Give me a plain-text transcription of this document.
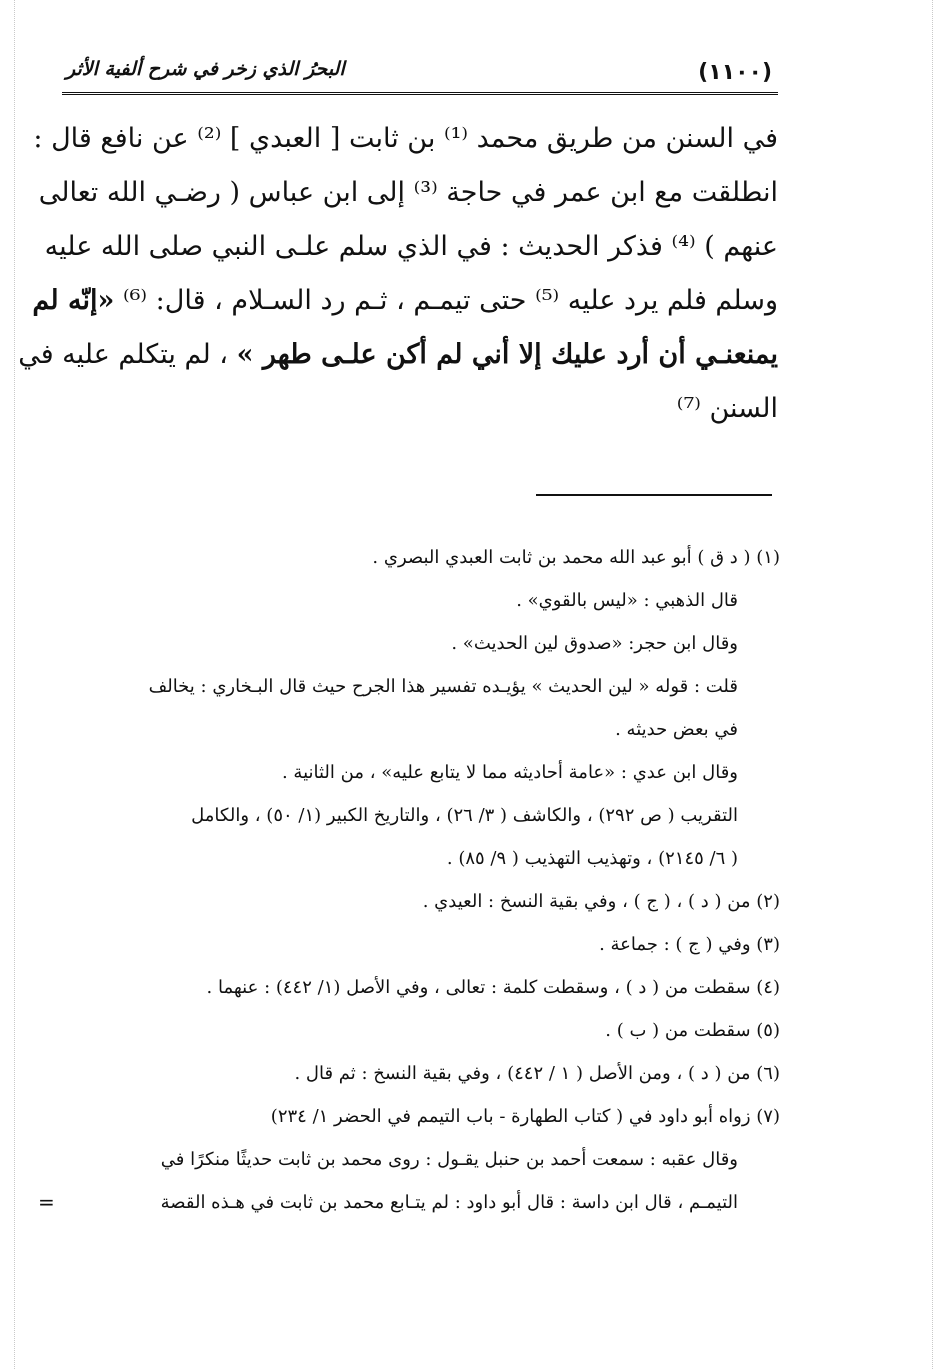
(١١٠٠)
البحرُ الذي زخر في شرح ألفية الأثر
في السنن من طريق محمد ⁽¹⁾ بن ثابت [ العبدي ] ⁽²⁾ عن نافع قال :
انطلقت مع ابن عمر في حاجة ⁽³⁾ إلى ابن عباس ( رضـي الله تعالى
عنهم ) ⁽⁴⁾ فذكر الحديث : في الذي سلم علـى النبي صلى الله عليه
وسلم فلم يرد عليه ⁽⁵⁾ حتى تيمـم ، ثـم رد السـلام ، قال: ⁽⁶⁾ «إنّه لم
يمنعنـي أن أرد عليك إلا أني لم أكن علـى طهر » ، لم يتكلم عليه في
السنن ⁽⁷⁾
(١) ( د ق ) أبو عبد الله محمد بن ثابت العبدي البصري .
قال الذهبي : «ليس بالقوي» .
وقال ابن حجر: «صدوق لين الحديث» .
قلت : قوله « لين الحديث » يؤيـده تفسير هذا الجرح حيث قال البـخاري : يخالف
في بعض حديثه .
وقال ابن عدي : «عامة أحاديثه مما لا يتابع عليه» ، من الثانية .
التقريب ( ص ٢٩٢) ، والكاشف ( ٣/ ٢٦) ، والتاريخ الكبير (١/ ٥٠) ، والكامل
( ٦/ ٢١٤٥) ، وتهذيب التهذيب ( ٩/ ٨٥) .
(٢) من ( د ) ، ( ج ) ، وفي بقية النسخ : العيدي .
(٣) وفي ( ج ) : جماعة .
(٤) سقطت من ( د ) ، وسقطت كلمة : تعالى ، وفي الأصل (١/ ٤٤٢) : عنهما .
(٥) سقطت من ( ب ) .
(٦) من ( د ) ، ومن الأصل ( ١ / ٤٤٢) ، وفي بقية النسخ : ثم قال .
(٧) زواه أبو داود في ( كتاب الطهارة - باب التيمم في الحضر ١/ ٢٣٤)
وقال عقبه : سمعت أحمد بن حنبل يقـول : روى محمد بن ثابت حديثًا منكرًا في
التيمـم ، قال ابن داسة : قال أبو داود : لم يتـابع محمد بن ثابت في هـذه القصة
=
